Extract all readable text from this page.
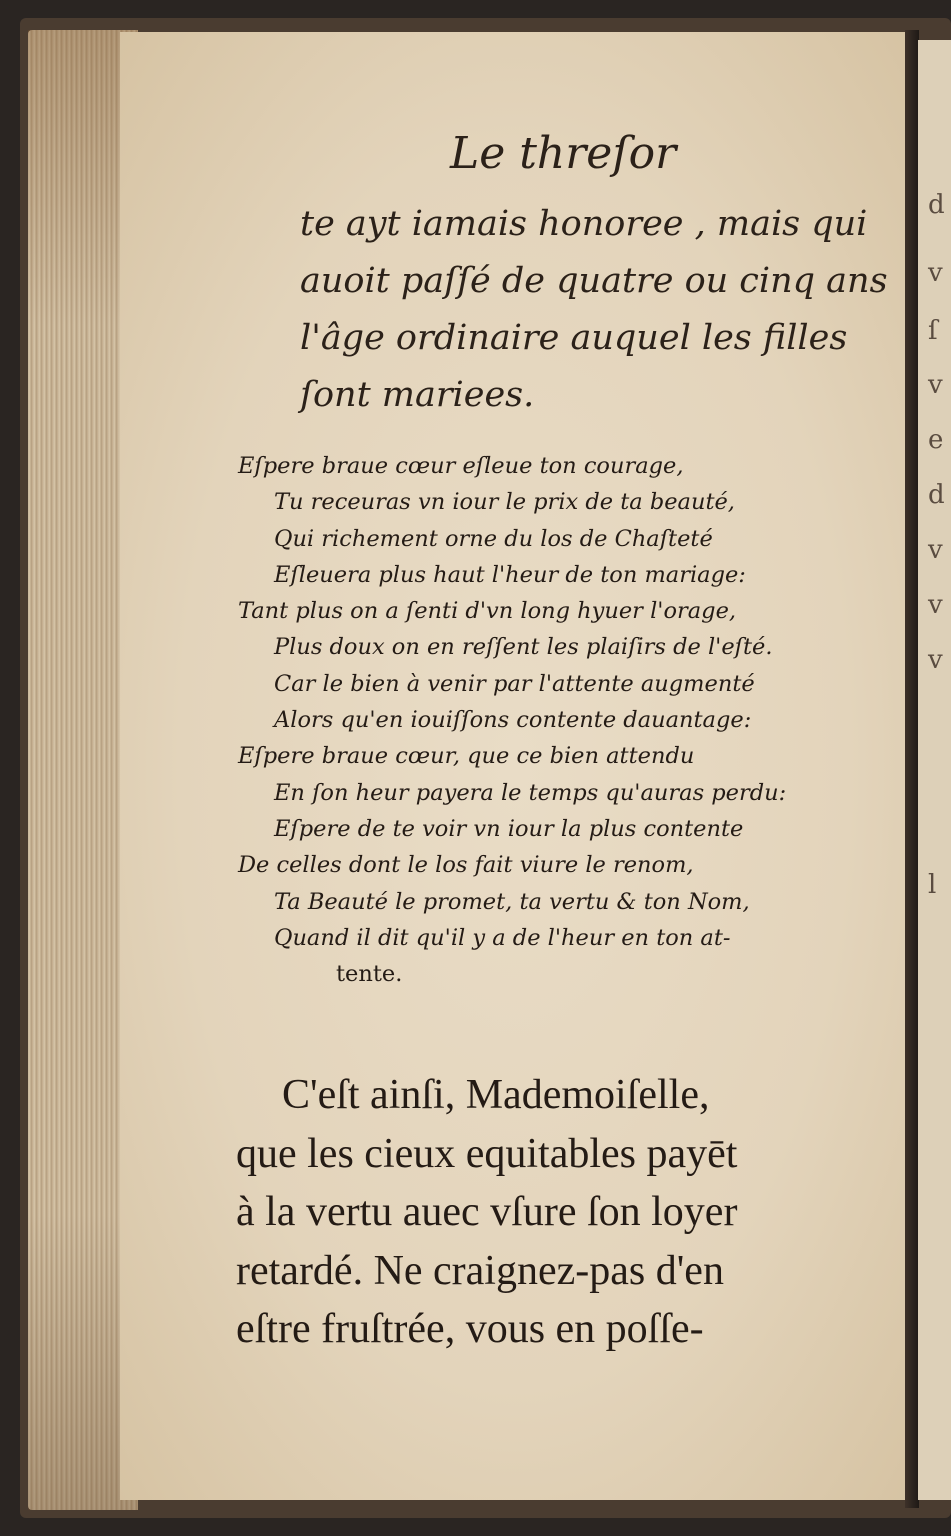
d
v
ſ
v
e
d
v
v
v
l
Le threſor
te ayt iamais honoree , mais qui
auoit paſſé de quatre ou cinq ans
l'âge ordinaire auquel les filles
ſont mariees.
Eſpere braue cœur eſleue ton courage,
Tu receuras vn iour le prix de ta beauté,
Qui richement orne du los de Chaſteté
Eſleuera plus haut l'heur de ton mariage:
Tant plus on a ſenti d'vn long hyuer l'orage,
Plus doux on en reſſent les plaiſirs de l'eſté.
Car le bien à venir par l'attente augmenté
Alors qu'en iouiſſons contente dauantage:
Eſpere braue cœur, que ce bien attendu
En ſon heur payera le temps qu'auras perdu:
Eſpere de te voir vn iour la plus contente
De celles dont le los fait viure le renom,
Ta Beauté le promet, ta vertu & ton Nom,
Quand il dit qu'il y a de l'heur en ton at-
tente.
C'eſt ainſi, Mademoiſelle,
que les cieux equitables payēt
à la vertu auec vſure ſon loyer
retardé. Ne craignez-pas d'en
eſtre fruſtrée, vous en poſſe-
